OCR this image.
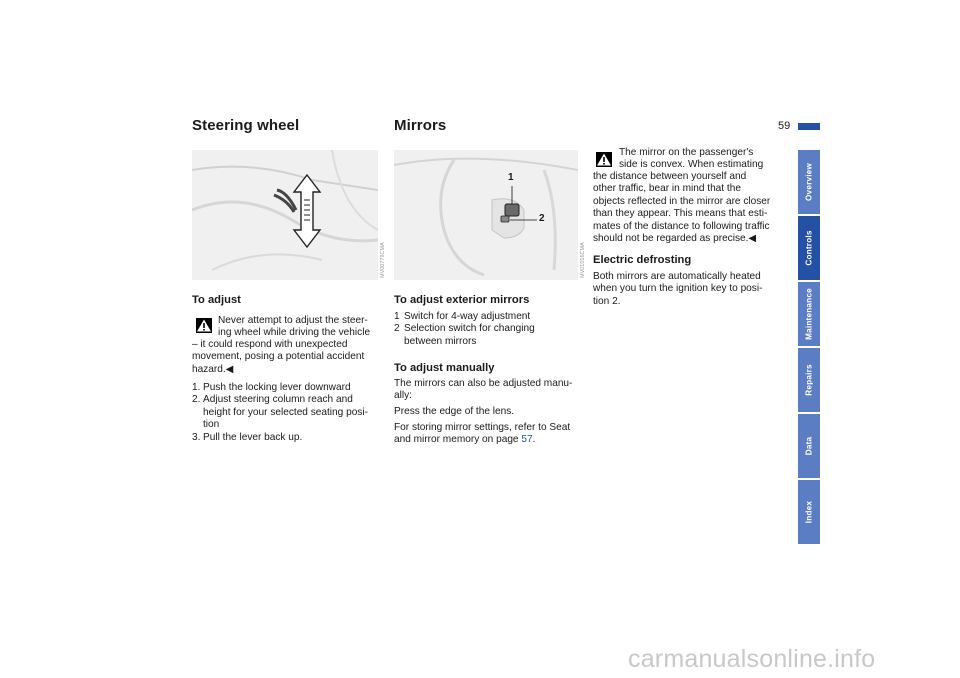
59
Steering wheel
MV00779CMA
To adjust
Never attempt to adjust the steer-
ing wheel while driving the vehicle
– it could respond with unexpected
movement, posing a potential accident
hazard.◀
1. Push the locking lever downward
2. Adjust steering column reach and
height for your selected seating posi-
tion
3. Pull the lever back up.
Mirrors
1
2
MV01016CMA
To adjust exterior mirrors
1 Switch for 4-way adjustment
2 Selection switch for changing
between mirrors
To adjust manually
The mirrors can also be adjusted manu-
ally:
Press the edge of the lens.
For storing mirror settings, refer to Seat
and mirror memory on page 57.
The mirror on the passenger's
side is convex. When estimating
the distance between yourself and
other traffic, bear in mind that the
objects reflected in the mirror are closer
than they appear. This means that esti-
mates of the distance to following traffic
should not be regarded as precise.◀
Electric defrosting
Both mirrors are automatically heated
when you turn the ignition key to posi-
tion 2.
Overview
Controls
Maintenance
Repairs
Data
Index
carmanualsonline.info
